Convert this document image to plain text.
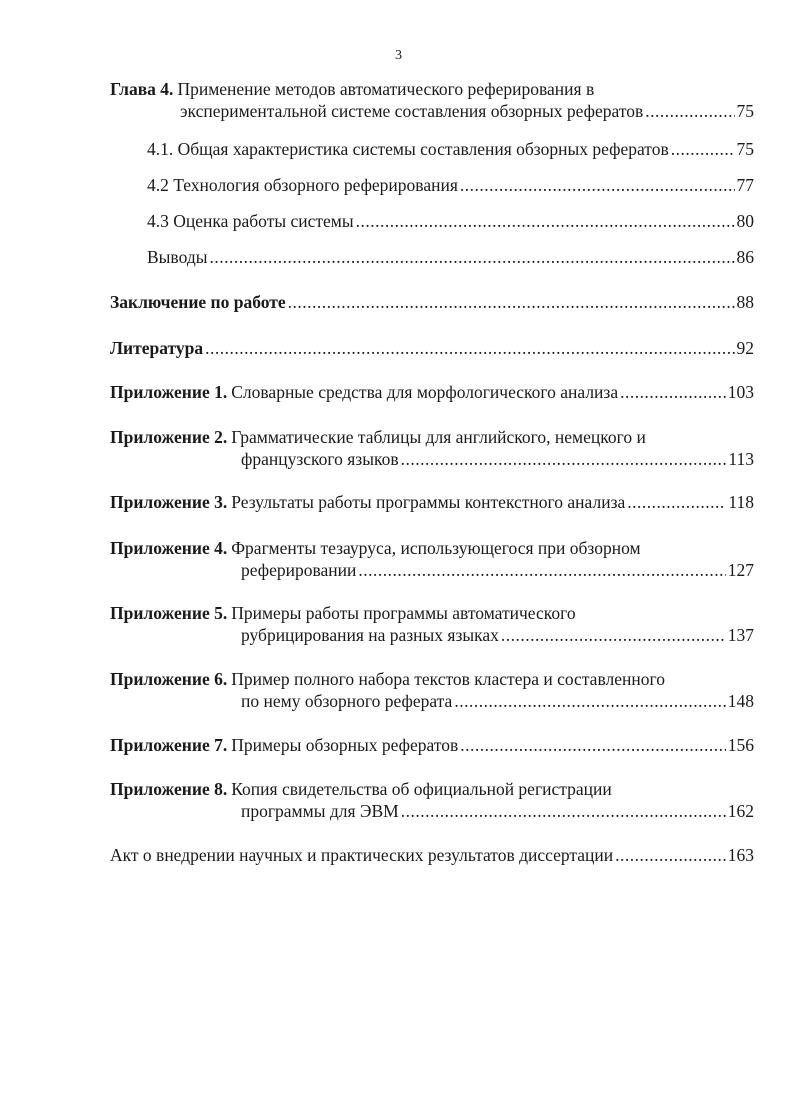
3
Глава 4. Применение методов автоматического реферирования в
экспериментальной системе составления обзорных рефератов .....	75
4.1. Общая характеристика системы составления обзорных рефератов .....	75
4.2 Технология обзорного реферирования .....	77
4.3 Оценка работы системы .....	80
Выводы .....	86
Заключение по работе .....	88
Литература .....	92
Приложение 1. Словарные средства для морфологического анализа .....	103
Приложение 2. Грамматические таблицы для английского, немецкого и
французского языков .....	113
Приложение 3. Результаты работы программы контекстного анализа .....	118
Приложение 4. Фрагменты тезауруса, использующегося при обзорном
реферировании .....	127
Приложение 5. Примеры работы программы автоматического
рубрицирования на разных языках .....	137
Приложение 6. Пример полного набора текстов кластера и составленного
по нему обзорного реферата .....	148
Приложение 7. Примеры обзорных рефератов .....	156
Приложение 8. Копия свидетельства об официальной регистрации
программы для ЭВМ .....	162
Акт о внедрении научных и практических результатов диссертации .....	163
